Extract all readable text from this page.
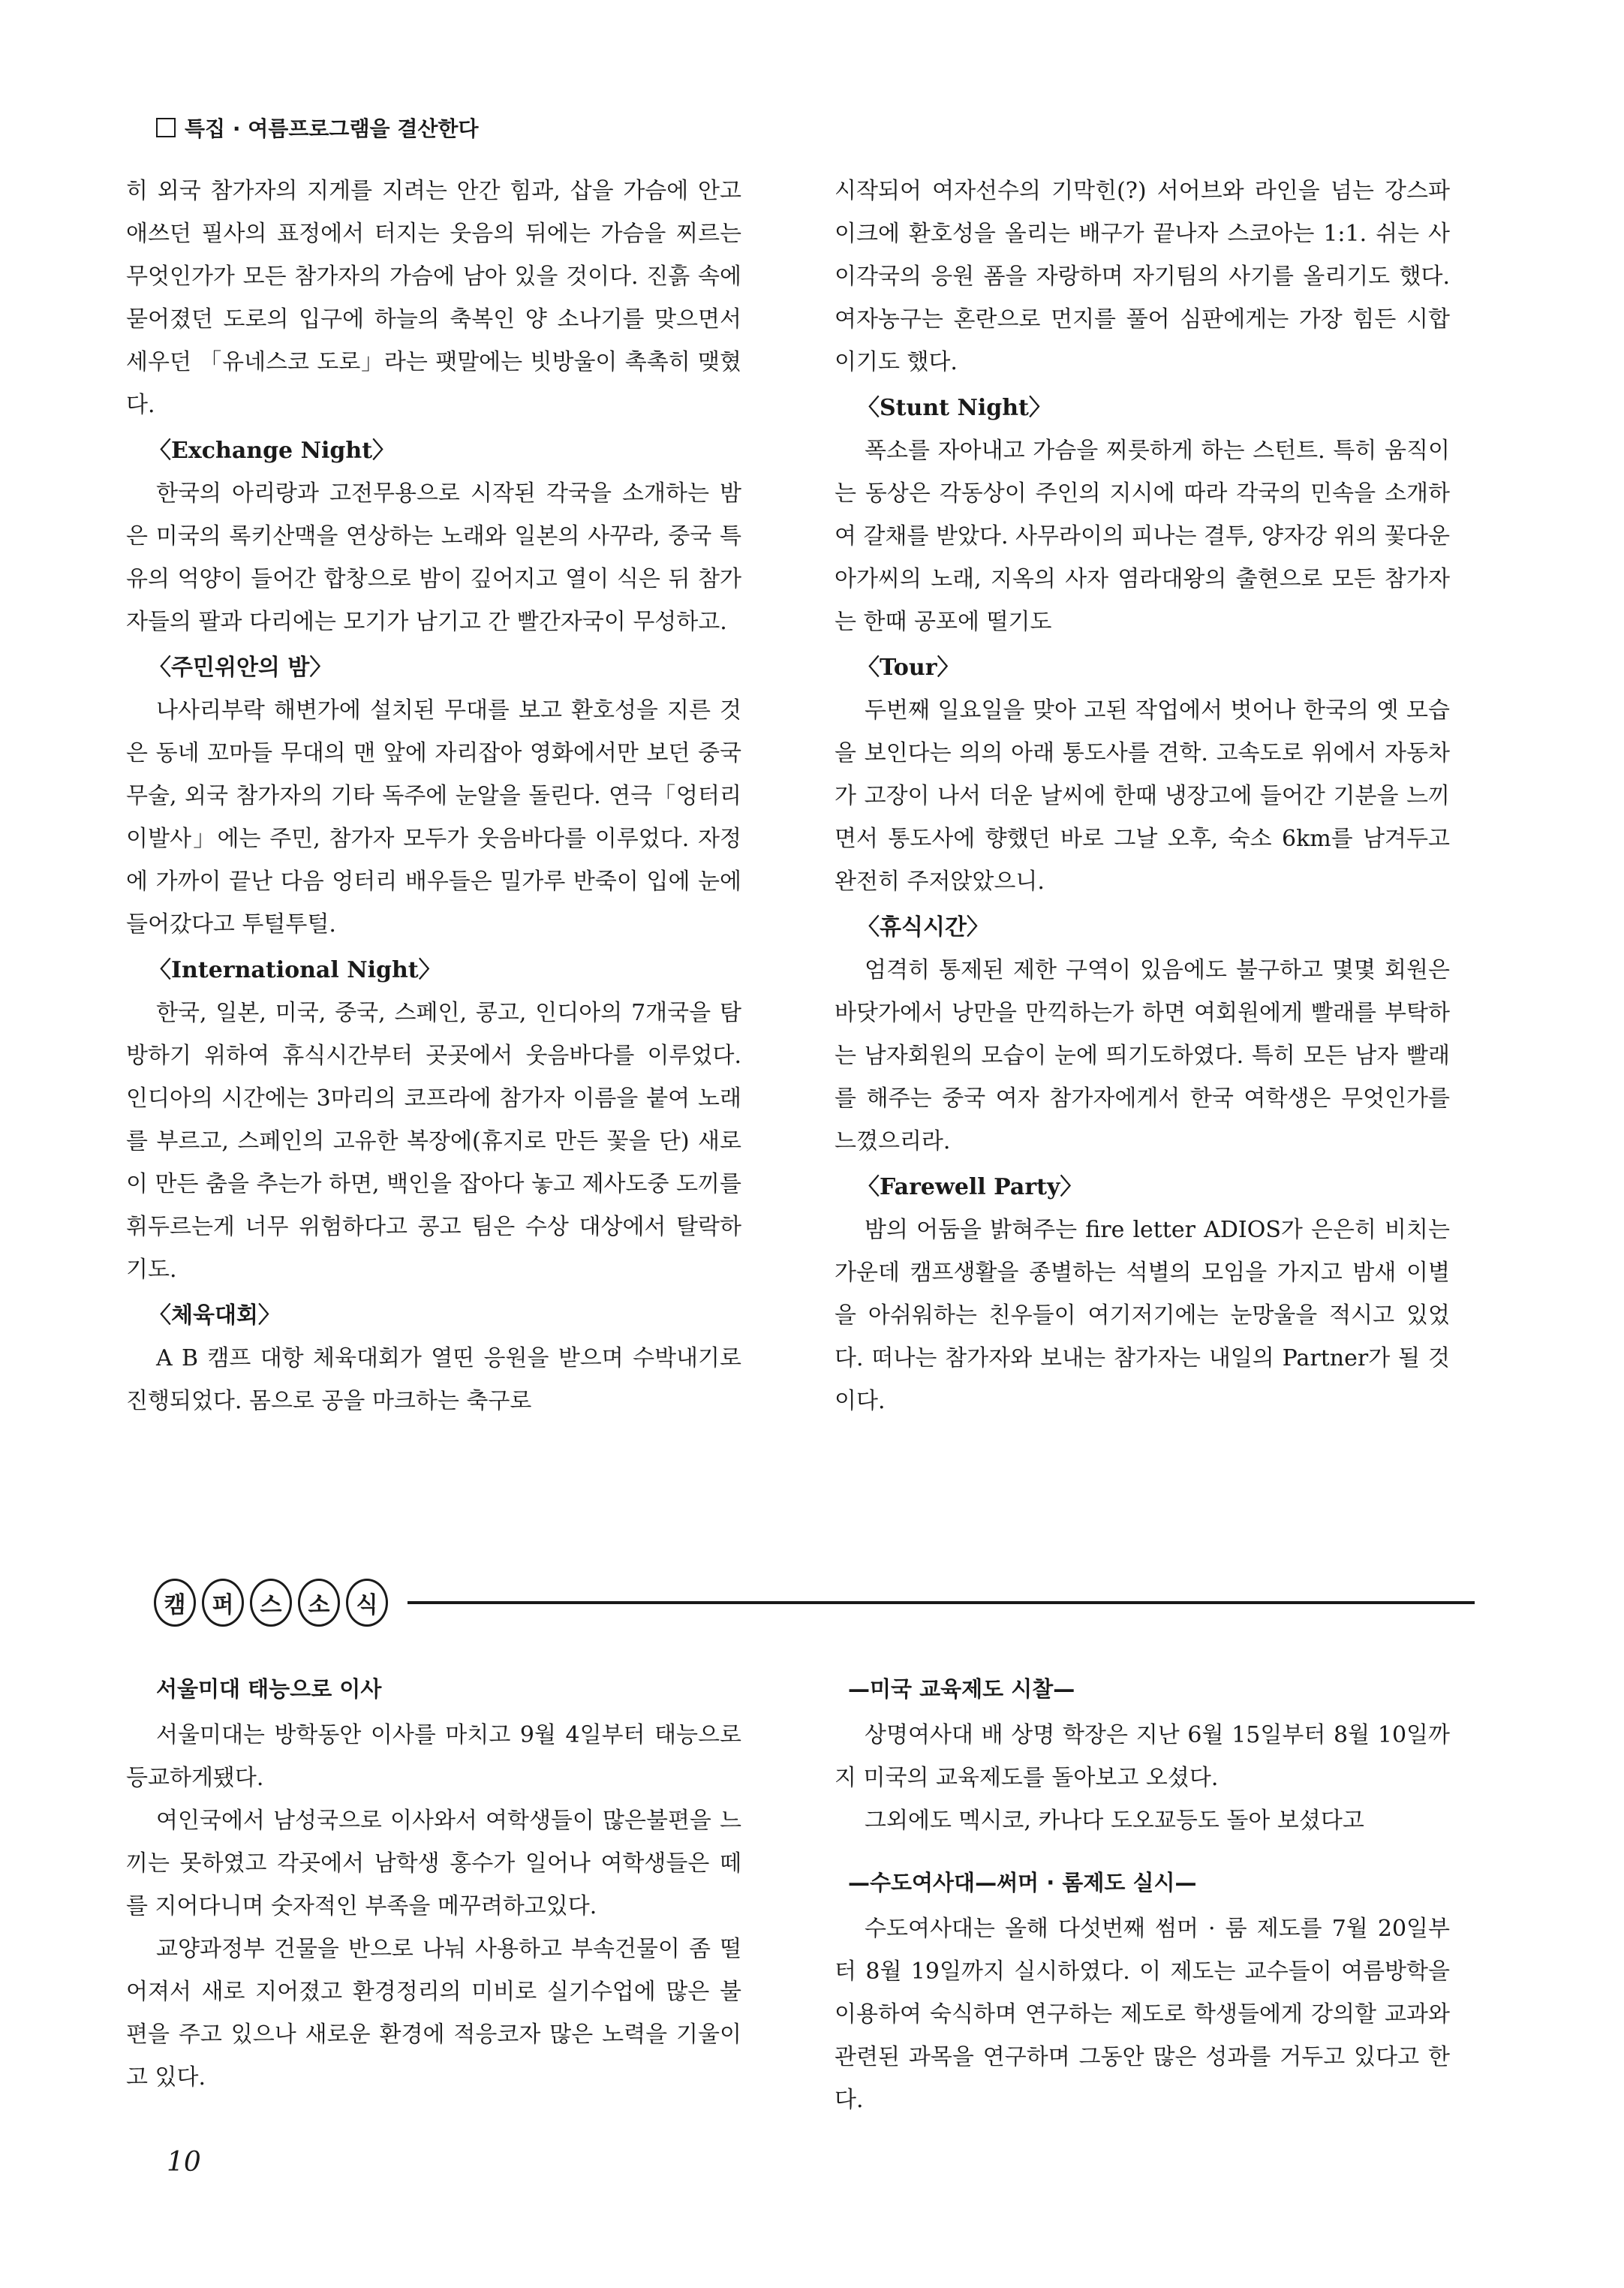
특집 · 여름프로그램을 결산한다

히 외국 참가자의 지게를 지려는 안간 힘과, 삽을 가슴에 안고 애쓰던 필사의 표정에서 터지는 웃음의 뒤에는 가슴을 찌르는 무엇인가가 모든 참가자의 가슴에 남아 있을 것이다. 진흙 속에 묻어졌던 도로의 입구에 하늘의 축복인 양 소나기를 맞으면서 세우던 「유네스코 도로」라는 팻말에는 빗방울이 촉촉히 맺혔다.

〈Exchange Night〉

한국의 아리랑과 고전무용으로 시작된 각국을 소개하는 밤은 미국의 록키산맥을 연상하는 노래와 일본의 사꾸라, 중국 특유의 억양이 들어간 합창으로 밤이 깊어지고 열이 식은 뒤 참가자들의 팔과 다리에는 모기가 남기고 간 빨간자국이 무성하고.

〈주민위안의 밤〉

나사리부락 해변가에 설치된 무대를 보고 환호성을 지른 것은 동네 꼬마들 무대의 맨 앞에 자리잡아 영화에서만 보던 중국 무술, 외국 참가자의 기타 독주에 눈알을 돌린다. 연극「엉터리 이발사」에는 주민, 참가자 모두가 웃음바다를 이루었다. 자정에 가까이 끝난 다음 엉터리 배우들은 밀가루 반죽이 입에 눈에 들어갔다고 투털투털.

〈International Night〉

한국, 일본, 미국, 중국, 스페인, 콩고, 인디아의 7개국을 탐방하기 위하여 휴식시간부터 곳곳에서 웃음바다를 이루었다. 인디아의 시간에는 3마리의 코프라에 참가자 이름을 붙여 노래를 부르고, 스페인의 고유한 복장에(휴지로 만든 꽃을 단) 새로이 만든 춤을 추는가 하면, 백인을 잡아다 놓고 제사도중 도끼를 휘두르는게 너무 위험하다고 콩고 팀은 수상 대상에서 탈락하기도.

〈체육대회〉

A B 캠프 대항 체육대회가 열띤 응원을 받으며 수박내기로 진행되었다. 몸으로 공을 마크하는 축구로

시작되어 여자선수의 기막힌(?) 서어브와 라인을 넘는 강스파이크에 환호성을 올리는 배구가 끝나자 스코아는 1:1. 쉬는 사이각국의 응원 폼을 자랑하며 자기팀의 사기를 올리기도 했다. 여자농구는 혼란으로 먼지를 풀어 심판에게는 가장 힘든 시합이기도 했다.

〈Stunt Night〉

폭소를 자아내고 가슴을 찌릇하게 하는 스턴트. 특히 움직이는 동상은 각동상이 주인의 지시에 따라 각국의 민속을 소개하여 갈채를 받았다. 사무라이의 피나는 결투, 양자강 위의 꽃다운 아가씨의 노래, 지옥의 사자 염라대왕의 출현으로 모든 참가자는 한때 공포에 떨기도

〈Tour〉

두번째 일요일을 맞아 고된 작업에서 벗어나 한국의 옛 모습을 보인다는 의의 아래 통도사를 견학. 고속도로 위에서 자동차가 고장이 나서 더운 날씨에 한때 냉장고에 들어간 기분을 느끼면서 통도사에 향했던 바로 그날 오후, 숙소 6km를 남겨두고 완전히 주저앉았으니.

〈휴식시간〉

엄격히 통제된 제한 구역이 있음에도 불구하고 몇몇 회원은 바닷가에서 낭만을 만끽하는가 하면 여회원에게 빨래를 부탁하는 남자회원의 모습이 눈에 띄기도하였다. 특히 모든 남자 빨래를 해주는 중국 여자 참가자에게서 한국 여학생은 무엇인가를 느꼈으리라.

〈Farewell Party〉

밤의 어둠을 밝혀주는 fire letter ADIOS가 은은히 비치는 가운데 캠프생활을 종별하는 석별의 모임을 가지고 밤새 이별을 아쉬워하는 친우들이 여기저기에는 눈망울을 적시고 있었다. 떠나는 참가자와 보내는 참가자는 내일의 Partner가 될 것이다.

캠	퍼	스	소	식
서울미대 태능으로 이사

서울미대는 방학동안 이사를 마치고 9월 4일부터 태능으로 등교하게됐다.

여인국에서 남성국으로 이사와서 여학생들이 많은불편을 느끼는 못하였고 각곳에서 남학생 홍수가 일어나 여학생들은 떼를 지어다니며 숫자적인 부족을 메꾸려하고있다.

교양과정부 건물을 반으로 나눠 사용하고 부속건물이 좀 떨어져서 새로 지어졌고 환경정리의 미비로 실기수업에 많은 불편을 주고 있으나 새로운 환경에 적응코자 많은 노력을 기울이고 있다.

—미국 교육제도 시찰—

상명여사대 배 상명 학장은 지난 6월 15일부터 8월 10일까지 미국의 교육제도를 돌아보고 오셨다.

그외에도 멕시코, 카나다 도오꾜등도 돌아 보셨다고

—수도여사대—써머 · 롬제도 실시—

수도여사대는 올해 다섯번째 썸머 · 룸 제도를 7월 20일부터 8월 19일까지 실시하였다. 이 제도는 교수들이 여름방학을 이용하여 숙식하며 연구하는 제도로 학생들에게 강의할 교과와 관련된 과목을 연구하며 그동안 많은 성과를 거두고 있다고 한다.

10
